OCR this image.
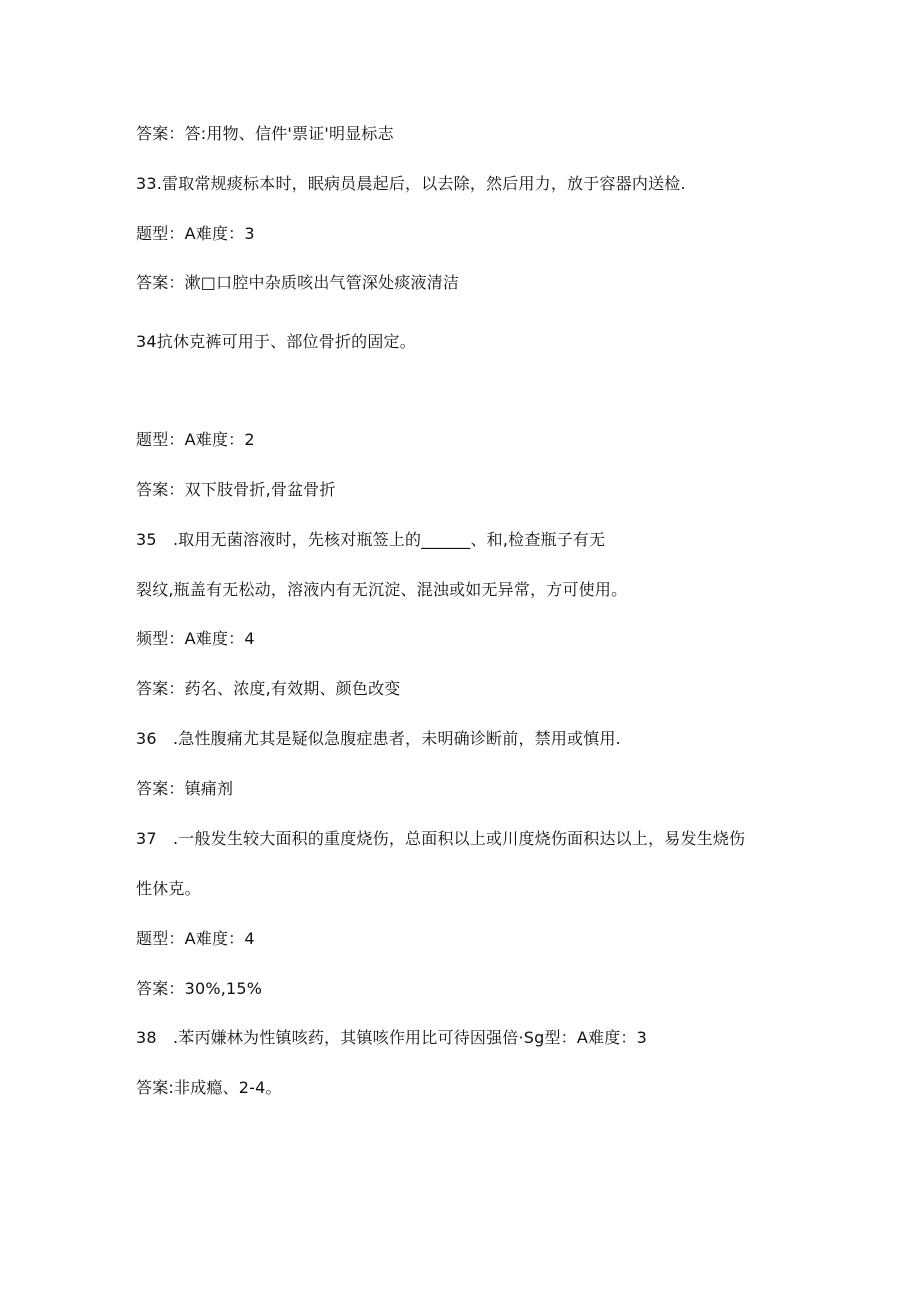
答案：答:用物、信件'票证'明显标志
33.雷取常规痰标本时，眠病员晨起后，以去除，然后用力，放于容器内送检.
题型：A难度：3
答案：漱□口腔中杂质咳出气管深处痰液清洁
34抗休克裤可用于、部位骨折的固定。
题型：A难度：2
答案：双下肢骨折,骨盆骨折
35　.取用无菌溶液时，先核对瓶签上的______、和,检查瓶子有无
裂纹,瓶盖有无松动，溶液内有无沉淀、混浊或如无异常，方可使用。
频型：A难度：4
答案：药名、浓度,有效期、颜色改变
36　.急性腹痛尤其是疑似急腹症患者，未明确诊断前，禁用或慎用.
答案：镇痛剂
37　.一般发生较大面积的重度烧伤，总面积以上或川度烧伤面积达以上，易发生烧伤
性休克。
题型：A难度：4
答案：30%,15%
38　.苯丙嫌林为性镇咳药，其镇咳作用比可待因强倍·Sg型：A难度：3
答案:非成瘾、2-4。
